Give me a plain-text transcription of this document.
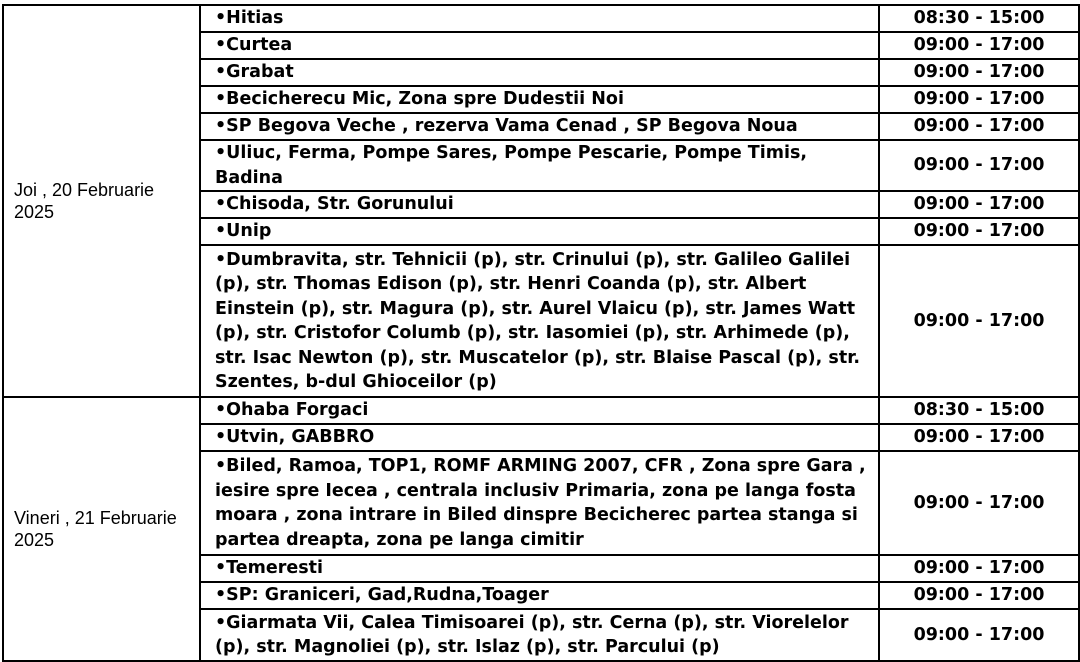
Joi , 20 Februarie 2025	•Hitias	08:30 - 15:00
	•Curtea	09:00 - 17:00
	•Grabat	09:00 - 17:00
	•Becicherecu Mic, Zona spre Dudestii Noi	09:00 - 17:00
	•SP Begova Veche , rezerva Vama Cenad , SP Begova Noua	09:00 - 17:00
	•Uliuc, Ferma, Pompe Sares, Pompe Pescarie, Pompe Timis, Badina	09:00 - 17:00
	•Chisoda, Str. Gorunului	09:00 - 17:00
	•Unip	09:00 - 17:00
	•Dumbravita, str. Tehnicii (p), str. Crinului (p), str. Galileo Galilei (p), str. Thomas Edison (p), str. Henri Coanda (p), str. Albert Einstein (p), str. Magura (p), str. Aurel Vlaicu (p), str. James Watt (p), str. Cristofor Columb (p), str. Iasomiei (p), str. Arhimede (p), str. Isac Newton (p), str. Muscatelor (p), str. Blaise Pascal (p), str. Szentes, b-dul Ghioceilor (p)	09:00 - 17:00
Vineri , 21 Februarie 2025	•Ohaba Forgaci	08:30 - 15:00
	•Utvin, GABBRO	09:00 - 17:00
	•Biled, Ramoa, TOP1, ROMF ARMING 2007, CFR , Zona spre Gara , iesire spre Iecea , centrala inclusiv Primaria, zona pe langa fosta moara , zona intrare in Biled dinspre Becicherec partea stanga si partea dreapta, zona pe langa cimitir	09:00 - 17:00
	•Temeresti	09:00 - 17:00
	•SP: Graniceri, Gad,Rudna,Toager	09:00 - 17:00
	•Giarmata Vii, Calea Timisoarei (p), str. Cerna (p), str. Viorelelor (p), str. Magnoliei (p), str. Islaz (p), str. Parcului (p)	09:00 - 17:00
